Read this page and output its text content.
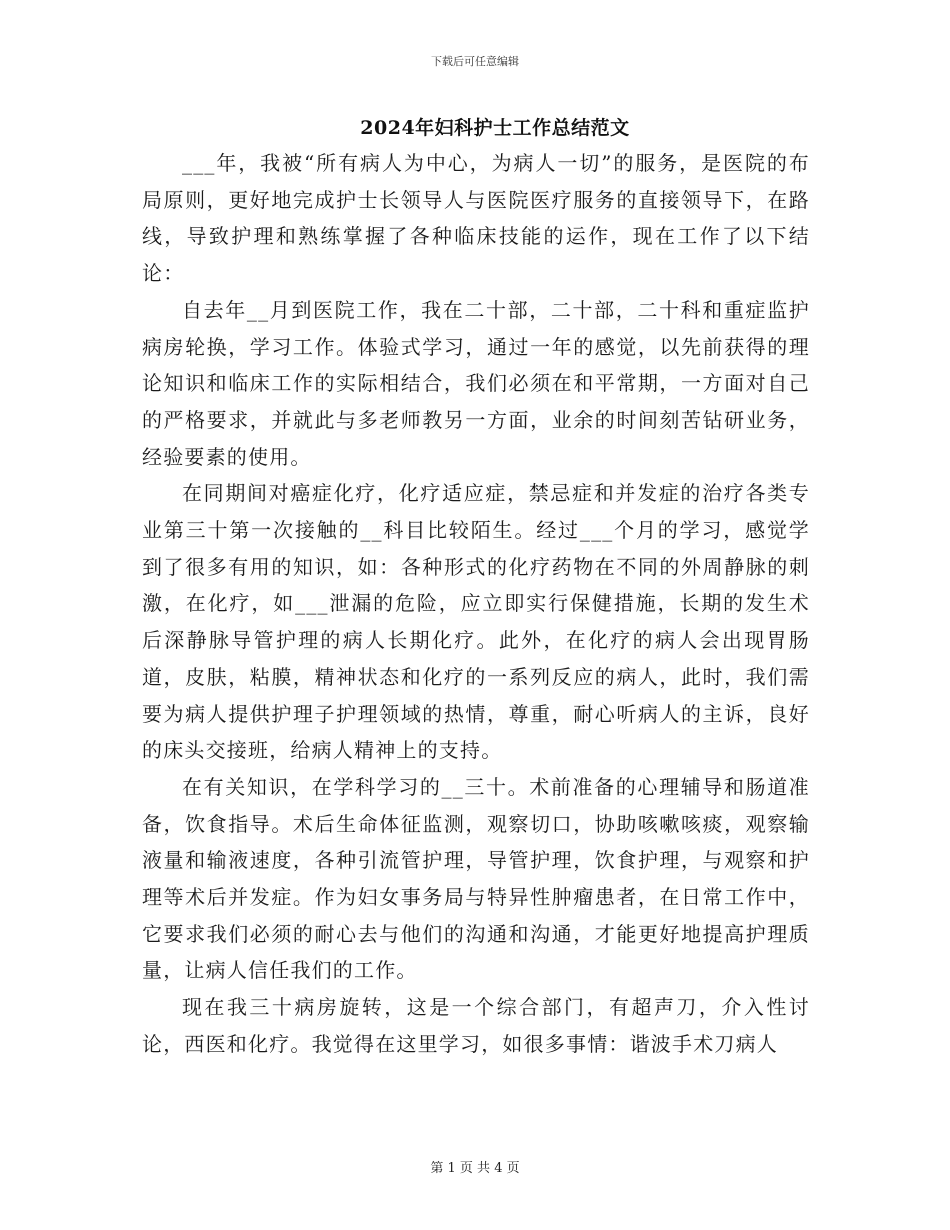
下载后可任意编辑
2024年妇科护士工作总结范文

___年，我被“所有病人为中心，为病人一切”的服务，是医院的布局原则，更好地完成护士长领导人与医院医疗服务的直接领导下，在路线，导致护理和熟练掌握了各种临床技能的运作，现在工作了以下结论：

自去年__月到医院工作，我在二十部，二十部，二十科和重症监护病房轮换，学习工作。体验式学习，通过一年的感觉，以先前获得的理论知识和临床工作的实际相结合，我们必须在和平常期，一方面对自己的严格要求，并就此与多老师教另一方面，业余的时间刻苦钻研业务，经验要素的使用。

在同期间对癌症化疗，化疗适应症，禁忌症和并发症的治疗各类专业第三十第一次接触的__科目比较陌生。经过___个月的学习，感觉学到了很多有用的知识，如：各种形式的化疗药物在不同的外周静脉的刺激，在化疗，如___泄漏的危险，应立即实行保健措施，长期的发生术后深静脉导管护理的病人长期化疗。此外，在化疗的病人会出现胃肠道，皮肤，粘膜，精神状态和化疗的一系列反应的病人，此时，我们需要为病人提供护理子护理领域的热情，尊重，耐心听病人的主诉，良好的床头交接班，给病人精神上的支持。

在有关知识，在学科学习的__三十。术前准备的心理辅导和肠道准备，饮食指导。术后生命体征监测，观察切口，协助咳嗽咳痰，观察输液量和输液速度，各种引流管护理，导管护理，饮食护理，与观察和护理等术后并发症。作为妇女事务局与特异性肿瘤患者，在日常工作中，它要求我们必须的耐心去与他们的沟通和沟通，才能更好地提高护理质量，让病人信任我们的工作。

现在我三十病房旋转，这是一个综合部门，有超声刀，介入性讨论，西医和化疗。我觉得在这里学习，如很多事情：谐波手术刀病人

第 1 页 共 4 页
